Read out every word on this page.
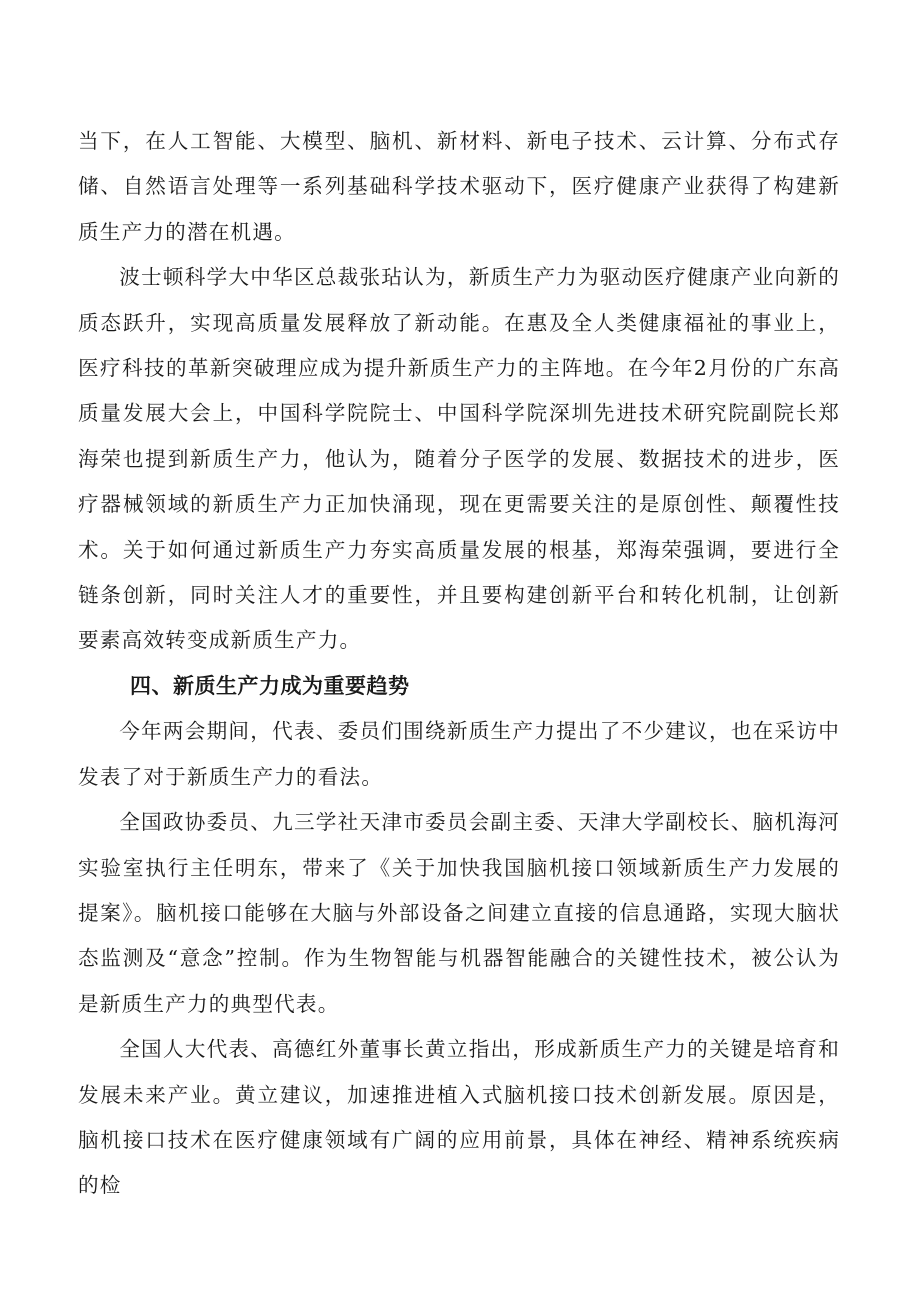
当下，在人工智能、大模型、脑机、新材料、新电子技术、云计算、分布式存储、自然语言处理等一系列基础科学技术驱动下，医疗健康产业获得了构建新质生产力的潜在机遇。

波士顿科学大中华区总裁张玷认为，新质生产力为驱动医疗健康产业向新的质态跃升，实现高质量发展释放了新动能。在惠及全人类健康福祉的事业上，医疗科技的革新突破理应成为提升新质生产力的主阵地。在今年2月份的广东高质量发展大会上，中国科学院院士、中国科学院深圳先进技术研究院副院长郑海荣也提到新质生产力，他认为，随着分子医学的发展、数据技术的进步，医疗器械领域的新质生产力正加快涌现，现在更需要关注的是原创性、颠覆性技术。关于如何通过新质生产力夯实高质量发展的根基，郑海荣强调，要进行全链条创新，同时关注人才的重要性，并且要构建创新平台和转化机制，让创新要素高效转变成新质生产力。

四、新质生产力成为重要趋势

今年两会期间，代表、委员们围绕新质生产力提出了不少建议，也在采访中发表了对于新质生产力的看法。

全国政协委员、九三学社天津市委员会副主委、天津大学副校长、脑机海河实验室执行主任明东，带来了《关于加快我国脑机接口领域新质生产力发展的提案》。脑机接口能够在大脑与外部设备之间建立直接的信息通路，实现大脑状态监测及“意念”控制。作为生物智能与机器智能融合的关键性技术，被公认为是新质生产力的典型代表。

全国人大代表、高德红外董事长黄立指出，形成新质生产力的关键是培育和发展未来产业。黄立建议，加速推进植入式脑机接口技术创新发展。原因是，脑机接口技术在医疗健康领域有广阔的应用前景，具体在神经、精神系统疾病的检
